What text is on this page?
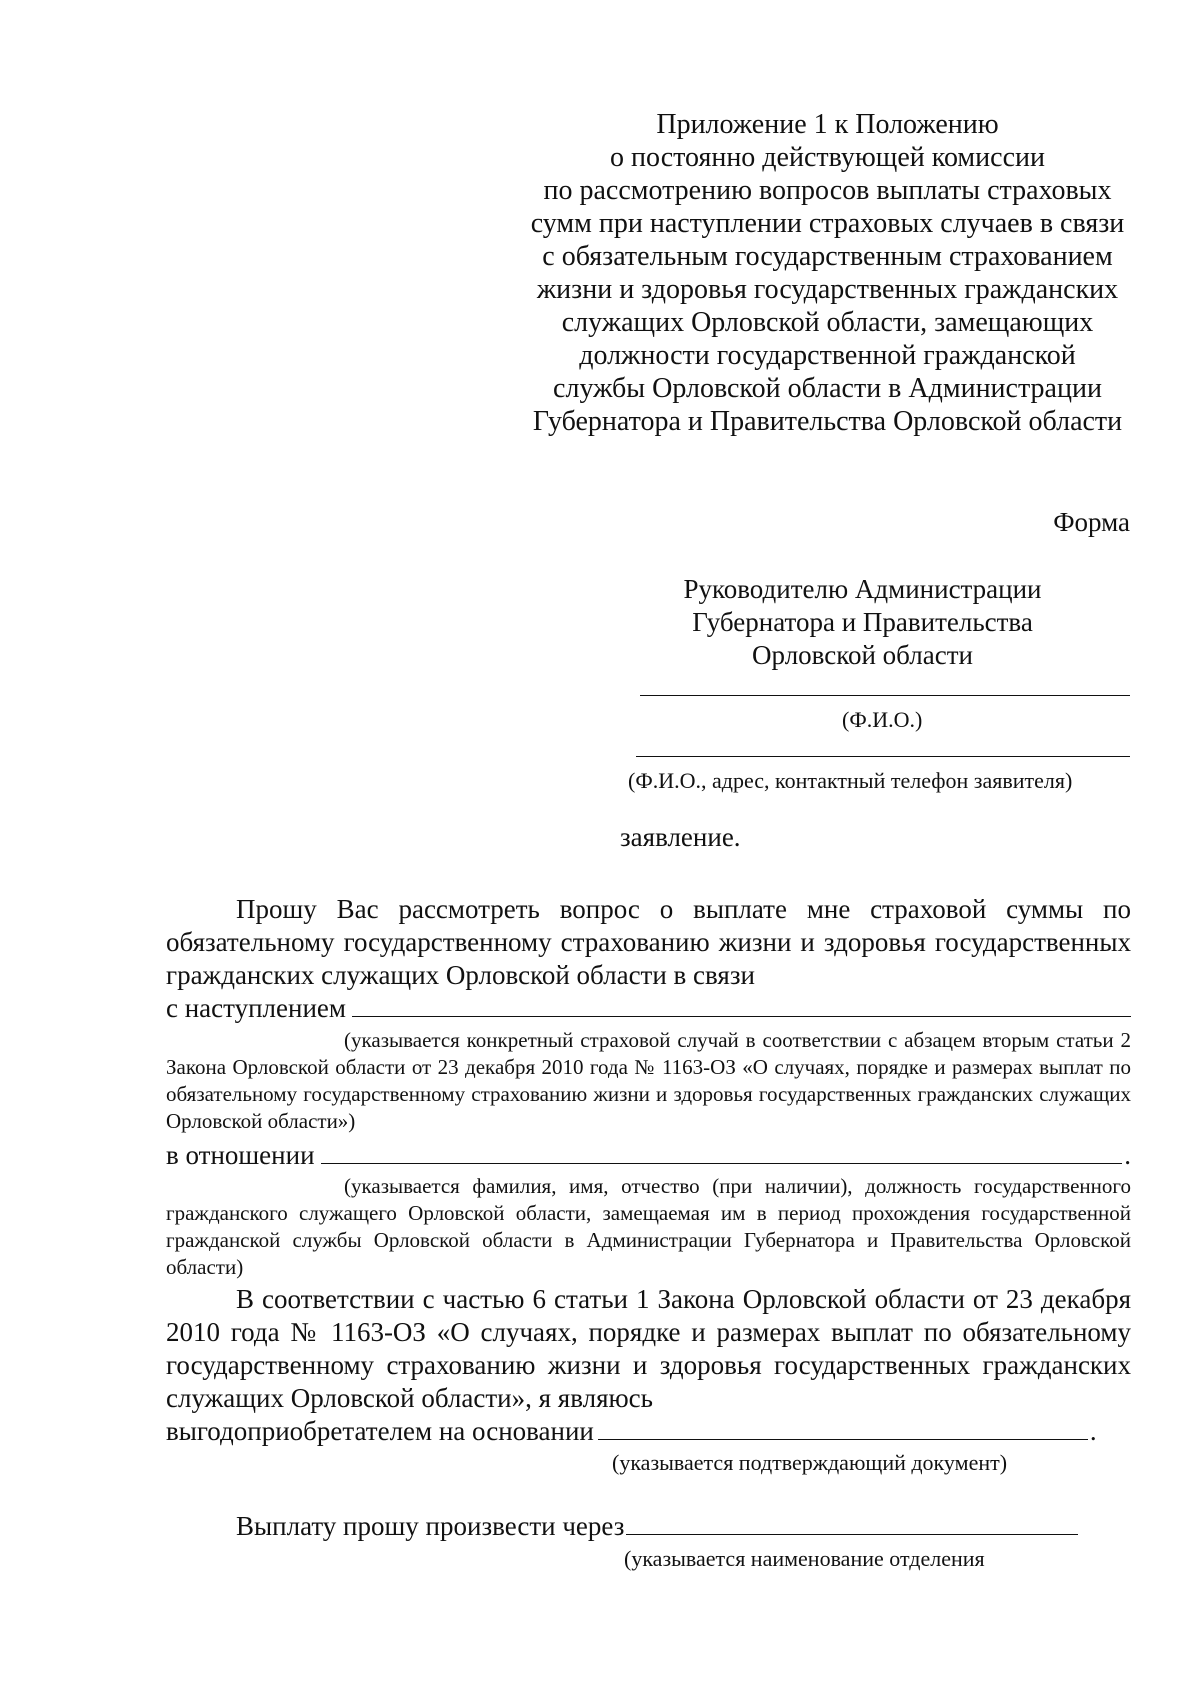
Приложение 1 к Положению
о постоянно действующей комиссии
по рассмотрению вопросов выплаты страховых
сумм при наступлении страховых случаев в связи
с обязательным государственным страхованием
жизни и здоровья государственных гражданских
служащих Орловской области, замещающих
должности государственной гражданской
службы Орловской области в Администрации
Губернатора и Правительства Орловской области
Форма
Руководителю Администрации
Губернатора и Правительства
Орловской области
(Ф.И.О.)
(Ф.И.О., адрес, контактный телефон заявителя)
заявление.
Прошу Вас рассмотреть вопрос о выплате мне страховой суммы по обязательному государственному страхованию жизни и здоровья государственных гражданских служащих Орловской области в связи
с наступлением
(указывается конкретный страховой случай в соответствии с абзацем вторым статьи 2 Закона Орловской области от 23 декабря 2010 года № 1163-ОЗ «О случаях, порядке и размерах выплат по обязательному государственному страхованию жизни и здоровья государственных гражданских служащих Орловской области»)
в отношении	.
(указывается фамилия, имя, отчество (при наличии), должность государственного гражданского служащего Орловской области, замещаемая им в период прохождения государственной гражданской службы Орловской области в Администрации Губернатора и Правительства Орловской области)
В соответствии с частью 6 статьи 1 Закона Орловской области от 23 декабря 2010 года № 1163-ОЗ «О случаях, порядке и размерах выплат по обязательному государственному страхованию жизни и здоровья государственных гражданских служащих Орловской области», я являюсь
выгодоприобретателем на основании	.
(указывается подтверждающий документ)
Выплату прошу произвести через
(указывается наименование отделения
